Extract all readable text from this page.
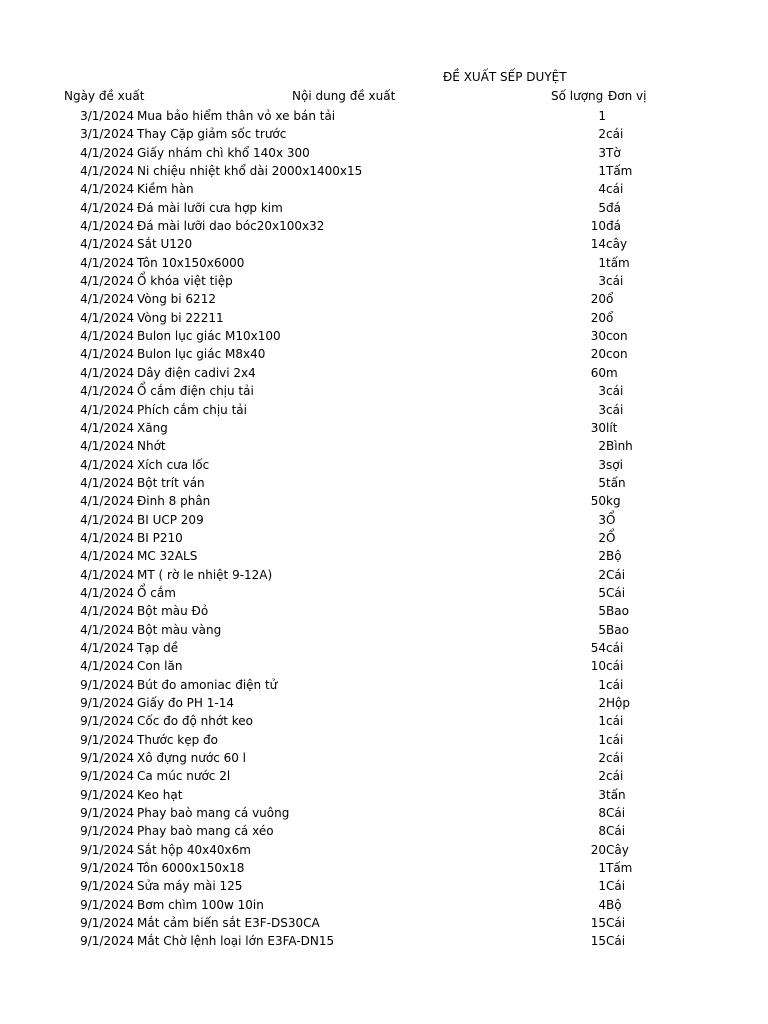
ĐỀ XUẤT SẾP DUYỆT
Ngày đề xuất	Nội dung đề xuất	Số lượng Đơn vị
3/1/2024 Mua bảo hiểm thân vỏ xe bán tải	1
3/1/2024 Thay Cặp giảm sốc trước	2 cái
4/1/2024 Giấy nhám chì khổ 140x 300	3 Tờ
4/1/2024 Ni chiệu nhiệt khổ dài 2000x1400x15	1 Tấm
4/1/2024 Kiềm hàn	4 cái
4/1/2024 Đá mài lưỡi cưa hợp kim	5 đá
4/1/2024 Đá mài lưỡi dao bóc20x100x32	10 đá
4/1/2024 Sắt U120	14 cây
4/1/2024 Tôn 10x150x6000	1 tấm
4/1/2024 Ổ khóa việt tiệp	3 cái
4/1/2024 Vòng bi 6212	20 ổ
4/1/2024 Vòng bi 22211	20 ổ
4/1/2024 Bulon lục giác M10x100	30 con
4/1/2024 Bulon lục giác M8x40	20 con
4/1/2024 Dây điện cadivi 2x4	60 m
4/1/2024 Ổ cắm điện chịu tải	3 cái
4/1/2024 Phích cắm chịu tải	3 cái
4/1/2024 Xăng	30 lít
4/1/2024 Nhớt	2 Bình
4/1/2024 Xích cưa lốc	3 sợi
4/1/2024 Bột trít ván	5 tấn
4/1/2024 Đinh 8 phân	50 kg
4/1/2024 BI UCP 209	3 Ổ
4/1/2024 BI P210	2 Ổ
4/1/2024 MC 32ALS	2 Bộ
4/1/2024 MT ( rờ le nhiệt 9-12A)	2 Cái
4/1/2024 Ổ cắm	5 Cái
4/1/2024 Bột màu Đỏ	5 Bao
4/1/2024 Bột màu vàng	5 Bao
4/1/2024 Tạp dề	54 cái
4/1/2024 Con lăn	10 cái
9/1/2024 Bút đo amoniac điện tử	1 cái
9/1/2024 Giấy đo PH 1-14	2 Hộp
9/1/2024 Cốc đo độ nhớt keo	1 cái
9/1/2024 Thước kẹp đo	1 cái
9/1/2024 Xô đựng nước 60 l	2 cái
9/1/2024 Ca múc nước 2l	2 cái
9/1/2024 Keo hạt	3 tấn
9/1/2024 Phay baò mang cá vuông	8 Cái
9/1/2024 Phay baò mang cá xéo	8 Cái
9/1/2024 Sắt hộp 40x40x6m	20 Cây
9/1/2024 Tôn 6000x150x18	1 Tấm
9/1/2024 Sửa máy mài 125	1 Cái
9/1/2024 Bơm chìm 100w 10in	4 Bộ
9/1/2024 Mắt cảm biến sắt E3F-DS30CA	15 Cái
9/1/2024 Mắt Chờ lệnh loại lớn E3FA-DN15	15 Cái
